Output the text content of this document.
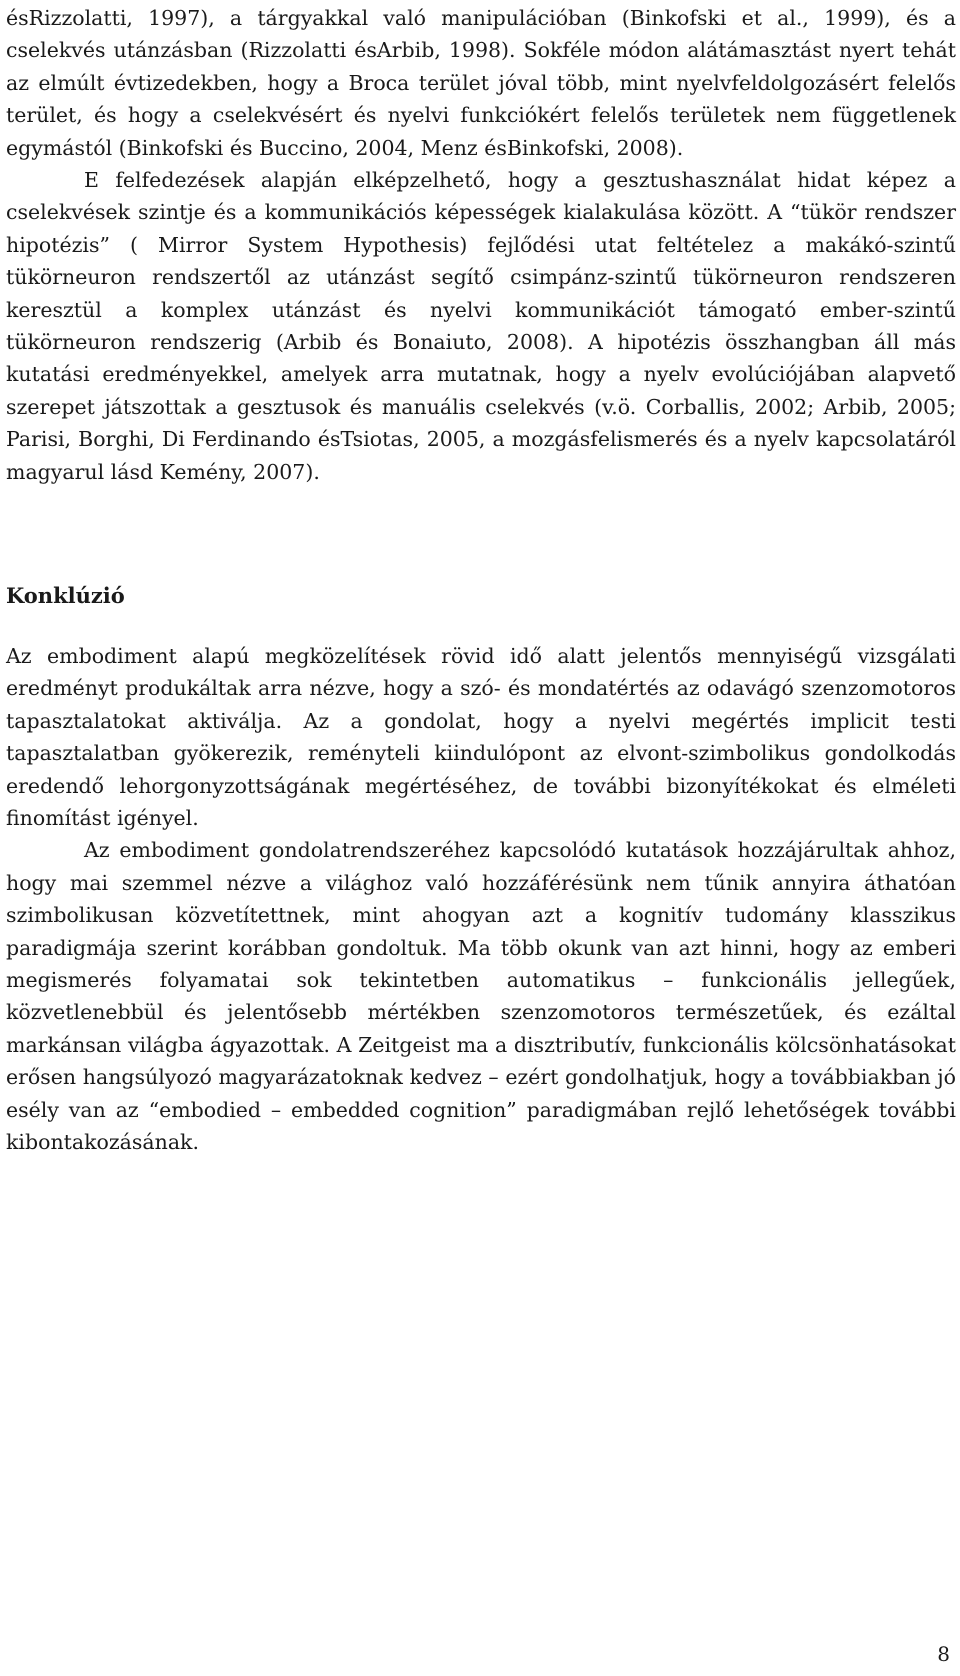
ésRizzolatti, 1997), a tárgyakkal való manipulációban (Binkofski et al., 1999), és a cselekvés utánzásban (Rizzolatti ésArbib, 1998). Sokféle módon alátámasztást nyert tehát az elmúlt évtizedekben, hogy a Broca terület jóval több, mint nyelvfeldolgozásért felelős terület, és hogy a cselekvésért és nyelvi funkciókért felelős területek nem függetlenek egymástól (Binkofski és Buccino, 2004, Menz ésBinkofski, 2008).

E felfedezések alapján elképzelhető, hogy a gesztushasználat hidat képez a cselekvések szintje és a kommunikációs képességek kialakulása között. A “tükör rendszer hipotézis” ( Mirror System Hypothesis) fejlődési utat feltételez a makákó-szintű tükörneuron rendszertől az utánzást segítő csimpánz-szintű tükörneuron rendszeren keresztül a komplex utánzást és nyelvi kommunikációt támogató ember-szintű tükörneuron rendszerig (Arbib és Bonaiuto, 2008). A hipotézis összhangban áll más kutatási eredményekkel, amelyek arra mutatnak, hogy a nyelv evolúciójában alapvető szerepet játszottak a gesztusok és manuális cselekvés (v.ö. Corballis, 2002; Arbib, 2005; Parisi, Borghi, Di Ferdinando ésTsiotas, 2005, a mozgásfelismerés és a nyelv kapcsolatáról magyarul lásd Kemény, 2007).

Konklúzió

Az embodiment alapú megközelítések rövid idő alatt jelentős mennyiségű vizsgálati eredményt produkáltak arra nézve, hogy a szó- és mondatértés az odavágó szenzomotoros tapasztalatokat aktiválja. Az a gondolat, hogy a nyelvi megértés implicit testi tapasztalatban gyökerezik, reményteli kiindulópont az elvont-szimbolikus gondolkodás eredendő lehorgonyzottságának megértéséhez, de további bizonyítékokat és elméleti finomítást igényel.

Az embodiment gondolatrendszeréhez kapcsolódó kutatások hozzájárultak ahhoz, hogy mai szemmel nézve a világhoz való hozzáférésünk nem tűnik annyira áthatóan szimbolikusan közvetítettnek, mint ahogyan azt a kognitív tudomány klasszikus paradigmája szerint korábban gondoltuk. Ma több okunk van azt hinni, hogy az emberi megismerés folyamatai sok tekintetben automatikus – funkcionális jellegűek, közvetlenebbül és jelentősebb mértékben szenzomotoros természetűek, és ezáltal markánsan világba ágyazottak. A Zeitgeist ma a disztributív, funkcionális kölcsönhatásokat erősen hangsúlyozó magyarázatoknak kedvez – ezért gondolhatjuk, hogy a továbbiakban jó esély van az “embodied – embedded cognition” paradigmában rejlő lehetőségek további kibontakozásának.

8
